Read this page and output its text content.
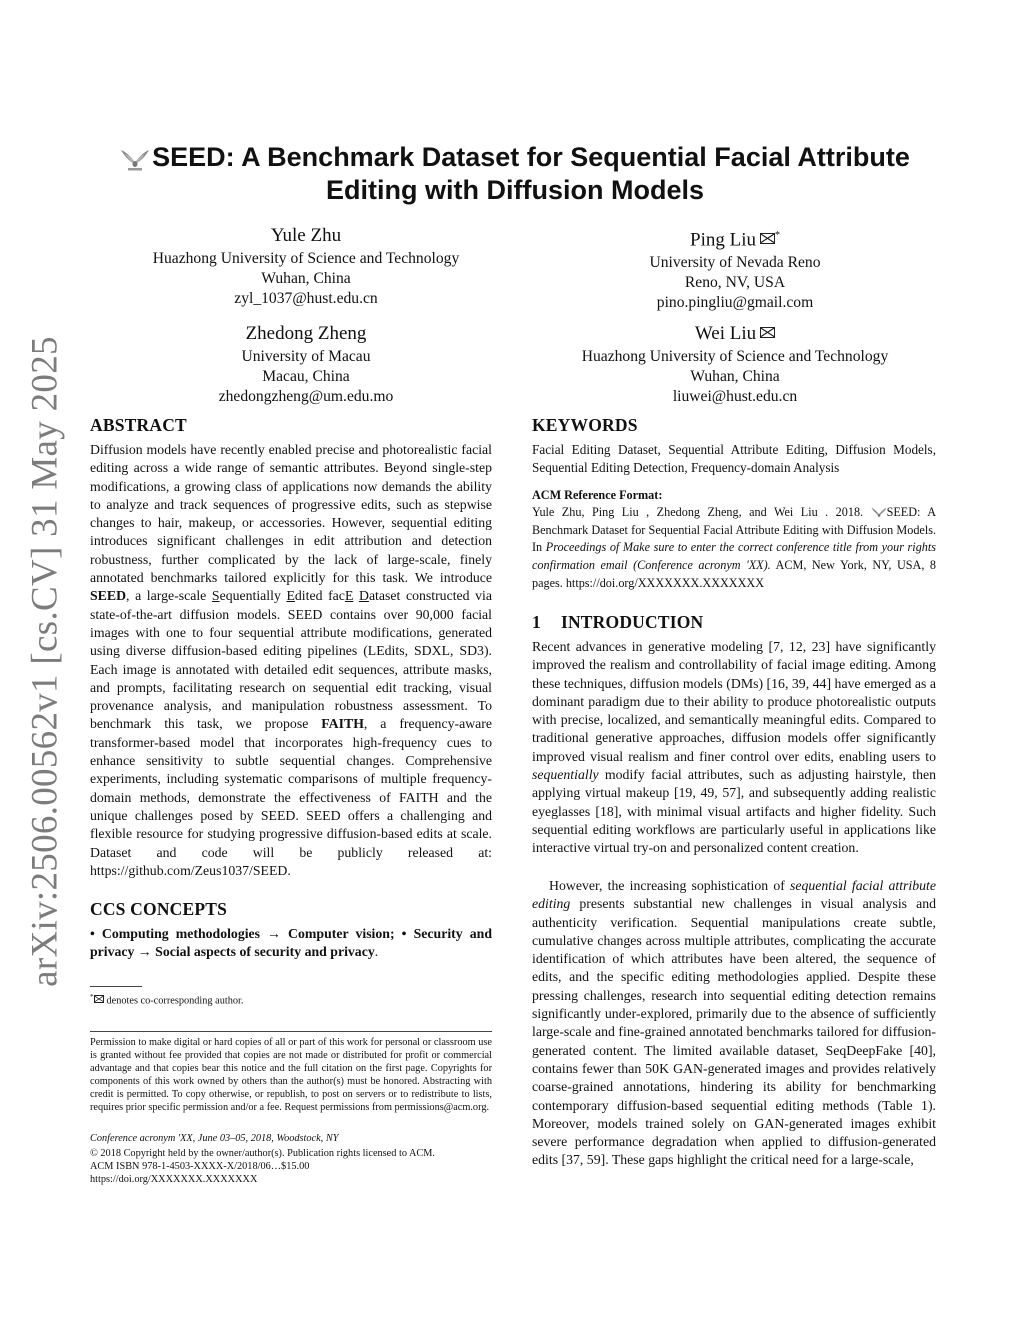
arXiv:2506.00562v1 [cs.CV] 31 May 2025
SEED: A Benchmark Dataset for Sequential Facial Attribute
Editing with Diffusion Models
Yule Zhu
Huazhong University of Science and Technology
Wuhan, China
zyl_1037@hust.edu.cn
Ping Liu *
University of Nevada Reno
Reno, NV, USA
pino.pingliu@gmail.com
Zhedong Zheng
University of Macau
Macau, China
zhedongzheng@um.edu.mo
Wei Liu
Huazhong University of Science and Technology
Wuhan, China
liuwei@hust.edu.cn
ABSTRACT
Diffusion models have recently enabled precise and photorealistic facial editing across a wide range of semantic attributes. Beyond single-step modifications, a growing class of applications now demands the ability to analyze and track sequences of progressive edits, such as stepwise changes to hair, makeup, or accessories. However, sequential editing introduces significant challenges in edit attribution and detection robustness, further complicated by the lack of large-scale, finely annotated benchmarks tailored explicitly for this task. We introduce SEED, a large-scale Sequentially Edited facE Dataset constructed via state-of-the-art diffusion models. SEED contains over 90,000 facial images with one to four sequential attribute modifications, generated using diverse diffusion-based editing pipelines (LEdits, SDXL, SD3). Each image is annotated with detailed edit sequences, attribute masks, and prompts, facilitating research on sequential edit tracking, visual provenance analysis, and manipulation robustness assessment. To benchmark this task, we propose FAITH, a frequency-aware transformer-based model that incorporates high-frequency cues to enhance sensitivity to subtle sequential changes. Comprehensive experiments, including systematic comparisons of multiple frequency-domain methods, demonstrate the effectiveness of FAITH and the unique challenges posed by SEED. SEED offers a challenging and flexible resource for studying progressive diffusion-based edits at scale. Dataset and code will be publicly released at: https://github.com/Zeus1037/SEED.
CCS CONCEPTS
• Computing methodologies → Computer vision; • Security and privacy → Social aspects of security and privacy.
* denotes co-corresponding author.
Permission to make digital or hard copies of all or part of this work for personal or classroom use is granted without fee provided that copies are not made or distributed for profit or commercial advantage and that copies bear this notice and the full citation on the first page. Copyrights for components of this work owned by others than the author(s) must be honored. Abstracting with credit is permitted. To copy otherwise, or republish, to post on servers or to redistribute to lists, requires prior specific permission and/or a fee. Request permissions from permissions@acm.org.
Conference acronym 'XX, June 03–05, 2018, Woodstock, NY
© 2018 Copyright held by the owner/author(s). Publication rights licensed to ACM.
ACM ISBN 978-1-4503-XXXX-X/2018/06…$15.00
https://doi.org/XXXXXXX.XXXXXXX
KEYWORDS
Facial Editing Dataset, Sequential Attribute Editing, Diffusion Models, Sequential Editing Detection, Frequency-domain Analysis
ACM Reference Format:
Yule Zhu, Ping Liu , Zhedong Zheng, and Wei Liu . 2018. SEED: A Benchmark Dataset for Sequential Facial Attribute Editing with Diffusion Models. In Proceedings of Make sure to enter the correct conference title from your rights confirmation email (Conference acronym 'XX). ACM, New York, NY, USA, 8 pages. https://doi.org/XXXXXXX.XXXXXXX
1 INTRODUCTION
Recent advances in generative modeling [7, 12, 23] have significantly improved the realism and controllability of facial image editing. Among these techniques, diffusion models (DMs) [16, 39, 44] have emerged as a dominant paradigm due to their ability to produce photorealistic outputs with precise, localized, and semantically meaningful edits. Compared to traditional generative approaches, diffusion models offer significantly improved visual realism and finer control over edits, enabling users to sequentially modify facial attributes, such as adjusting hairstyle, then applying virtual makeup [19, 49, 57], and subsequently adding realistic eyeglasses [18], with minimal visual artifacts and higher fidelity. Such sequential editing workflows are particularly useful in applications like interactive virtual try-on and personalized content creation.
However, the increasing sophistication of sequential facial attribute editing presents substantial new challenges in visual analysis and authenticity verification. Sequential manipulations create subtle, cumulative changes across multiple attributes, complicating the accurate identification of which attributes have been altered, the sequence of edits, and the specific editing methodologies applied. Despite these pressing challenges, research into sequential editing detection remains significantly under-explored, primarily due to the absence of sufficiently large-scale and fine-grained annotated benchmarks tailored for diffusion-generated content. The limited available dataset, SeqDeepFake [40], contains fewer than 50K GAN-generated images and provides relatively coarse-grained annotations, hindering its ability for benchmarking contemporary diffusion-based sequential editing methods (Table 1). Moreover, models trained solely on GAN-generated images exhibit severe performance degradation when applied to diffusion-generated edits [37, 59]. These gaps highlight the critical need for a large-scale,
